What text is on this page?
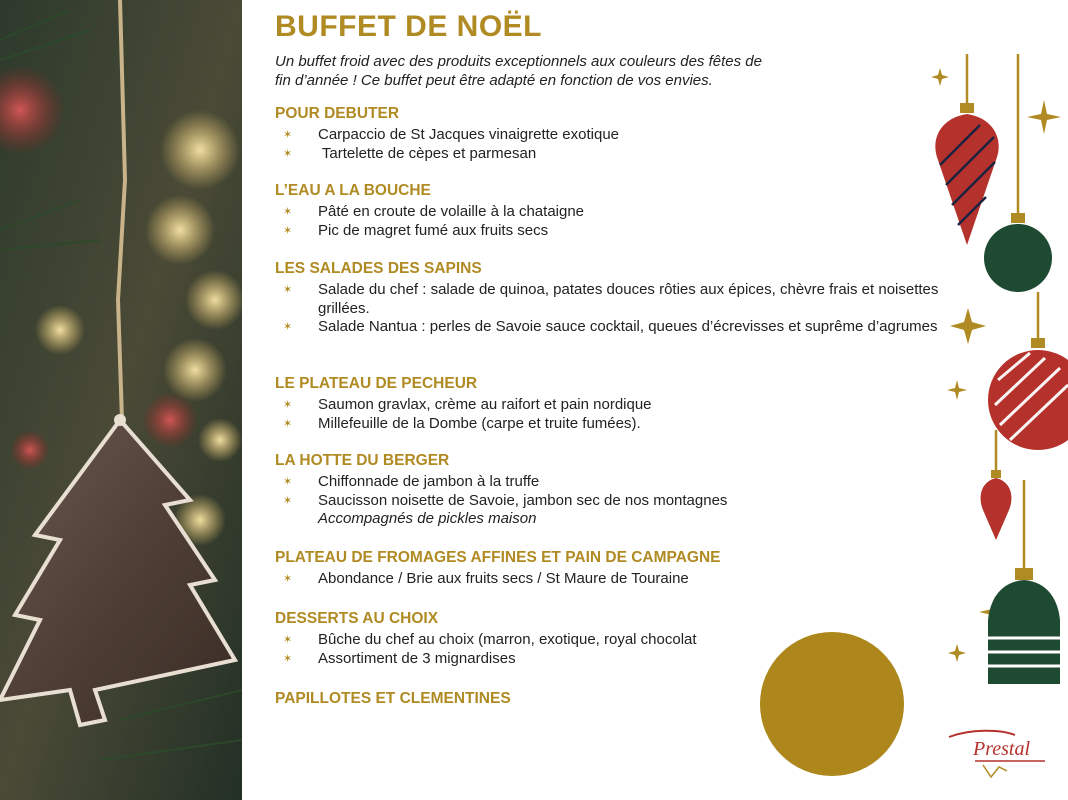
BUFFET DE NOËL

Un buffet froid avec des produits exceptionnels aux couleurs des fêtes de
fin d’année ! Ce buffet peut être adapté en fonction de vos envies.

POUR DEBUTER
✶ Carpaccio de St Jacques vinaigrette exotique
✶ Tartelette de cèpes et parmesan
L’EAU A LA BOUCHE
✶ Pâté en croute de volaille à la chataigne
✶ Pic de magret fumé aux fruits secs
LES SALADES DES SAPINS
✶ Salade du chef : salade de quinoa, patates douces rôties aux épices, chèvre frais et noisettes grillées.
✶ Salade Nantua : perles de Savoie sauce cocktail, queues d’écrevisses et suprême d’agrumes
LE PLATEAU DE PECHEUR
✶ Saumon gravlax, crème au raifort et pain nordique
✶ Millefeuille de la Dombe (carpe et truite fumées).
LA HOTTE DU BERGER
✶ Chiffonnade de jambon à la truffe
✶ Saucisson noisette de Savoie, jambon sec de nos montagnes

Accompagnés de pickles maison

PLATEAU DE FROMAGES AFFINES ET PAIN DE CAMPAGNE
✶ Abondance / Brie aux fruits secs / St Maure de Touraine
DESSERTS AU CHOIX
✶ Bûche du chef au choix (marron, exotique, royal chocolat
✶ Assortiment de 3 mignardises
PAPILLOTES ET CLEMENTINES
Prestal
